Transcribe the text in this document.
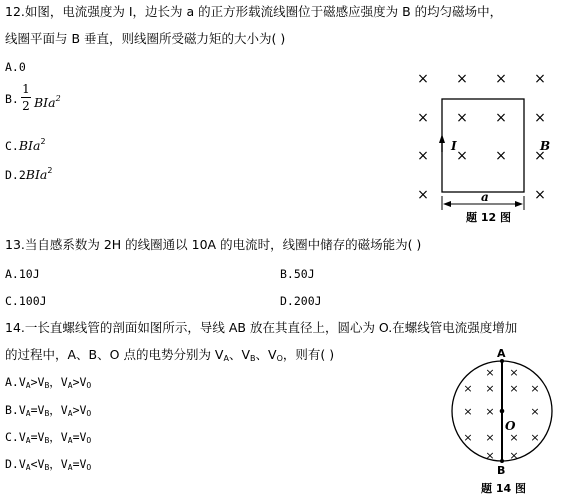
12.如图，电流强度为 I，边长为 a 的正方形载流线圈位于磁感应强度为 B 的均匀磁场中，
线圈平面与 B 垂直，则线圈所受磁力矩的大小为( )
A.0
B.
1
2 BIa$^2$
C.BIa$^2$
D.2BIa$^2$
× × × ×
× × × ×
× × × ×
×	×
I	B
a
题 12 图
13.当自感系数为 2H 的线圈通以 10A 的电流时，线圈中储存的磁场能为( )
A.10J	B.50J
C.100J	D.200J
14.一长直螺线管的剖面如图所示，导线 AB 放在其直径上，圆心为 O.在螺线管电流强度增加
的过程中，A、B、O 点的电势分别为 $V_A$、$V_B$、$V_O$，则有( )
$A.V_A>V_B$，$V_A>V_O$
$B.V_A=V_B$，$V_A>V_O$
$C.V_A=V_B$，$V_A=V_O$
$D.V_A<V_B$，$V_A=V_O$
× ×
× × × ×
× ×	×
× × × ×
× ×
A
B
O
题 14 图
